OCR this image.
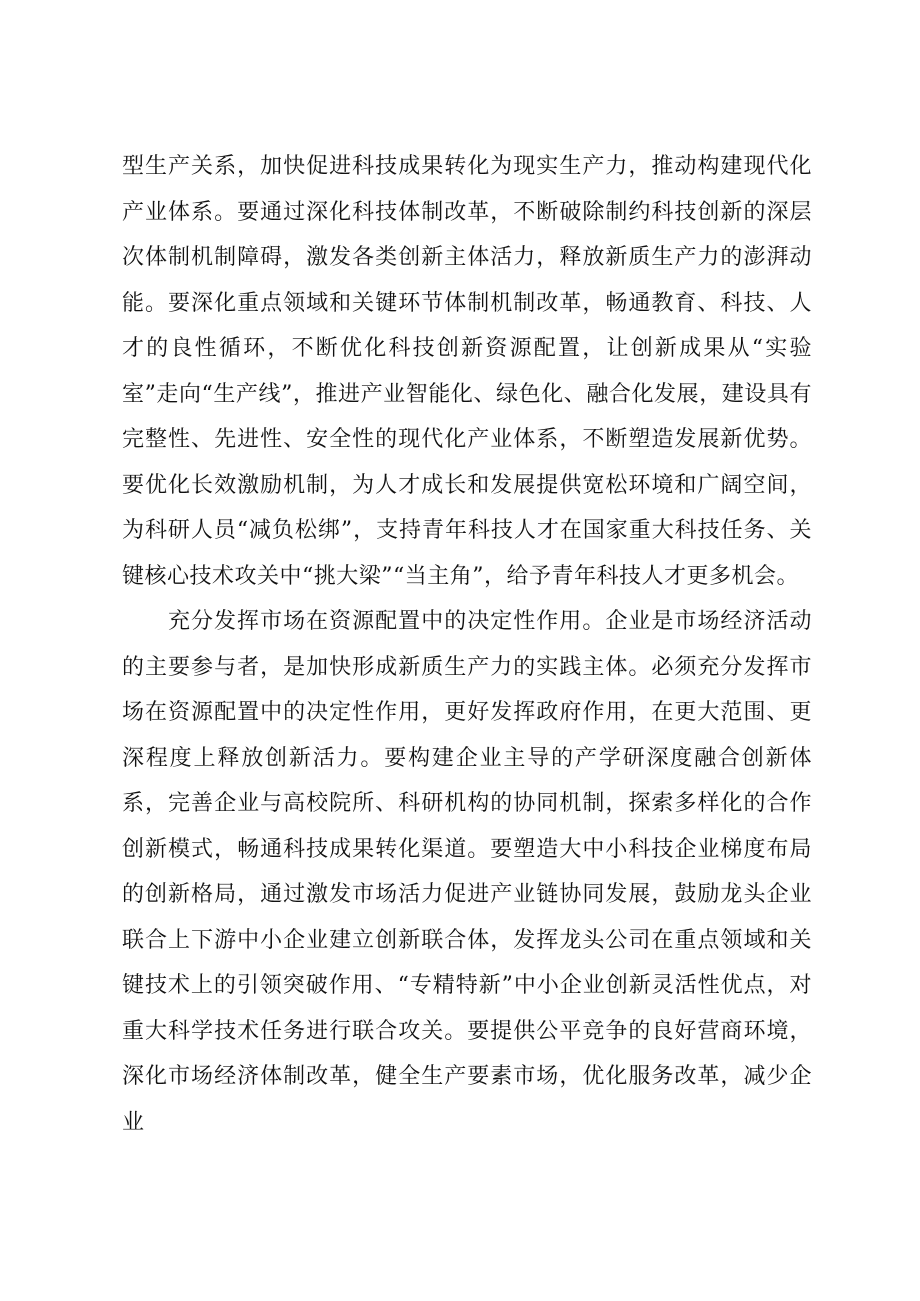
型生产关系，加快促进科技成果转化为现实生产力，推动构建现代化产业体系。要通过深化科技体制改革，不断破除制约科技创新的深层次体制机制障碍，激发各类创新主体活力，释放新质生产力的澎湃动能。要深化重点领域和关键环节体制机制改革，畅通教育、科技、人才的良性循环，不断优化科技创新资源配置，让创新成果从“实验室”走向“生产线”，推进产业智能化、绿色化、融合化发展，建设具有完整性、先进性、安全性的现代化产业体系，不断塑造发展新优势。要优化长效激励机制，为人才成长和发展提供宽松环境和广阔空间，为科研人员“减负松绑”，支持青年科技人才在国家重大科技任务、关键核心技术攻关中“挑大梁”“当主角”，给予青年科技人才更多机会。

充分发挥市场在资源配置中的决定性作用。企业是市场经济活动的主要参与者，是加快形成新质生产力的实践主体。必须充分发挥市场在资源配置中的决定性作用，更好发挥政府作用，在更大范围、更深程度上释放创新活力。要构建企业主导的产学研深度融合创新体系，完善企业与高校院所、科研机构的协同机制，探索多样化的合作创新模式，畅通科技成果转化渠道。要塑造大中小科技企业梯度布局的创新格局，通过激发市场活力促进产业链协同发展，鼓励龙头企业联合上下游中小企业建立创新联合体，发挥龙头公司在重点领域和关键技术上的引领突破作用、“专精特新”中小企业创新灵活性优点，对重大科学技术任务进行联合攻关。要提供公平竞争的良好营商环境，深化市场经济体制改革，健全生产要素市场，优化服务改革，减少企业
